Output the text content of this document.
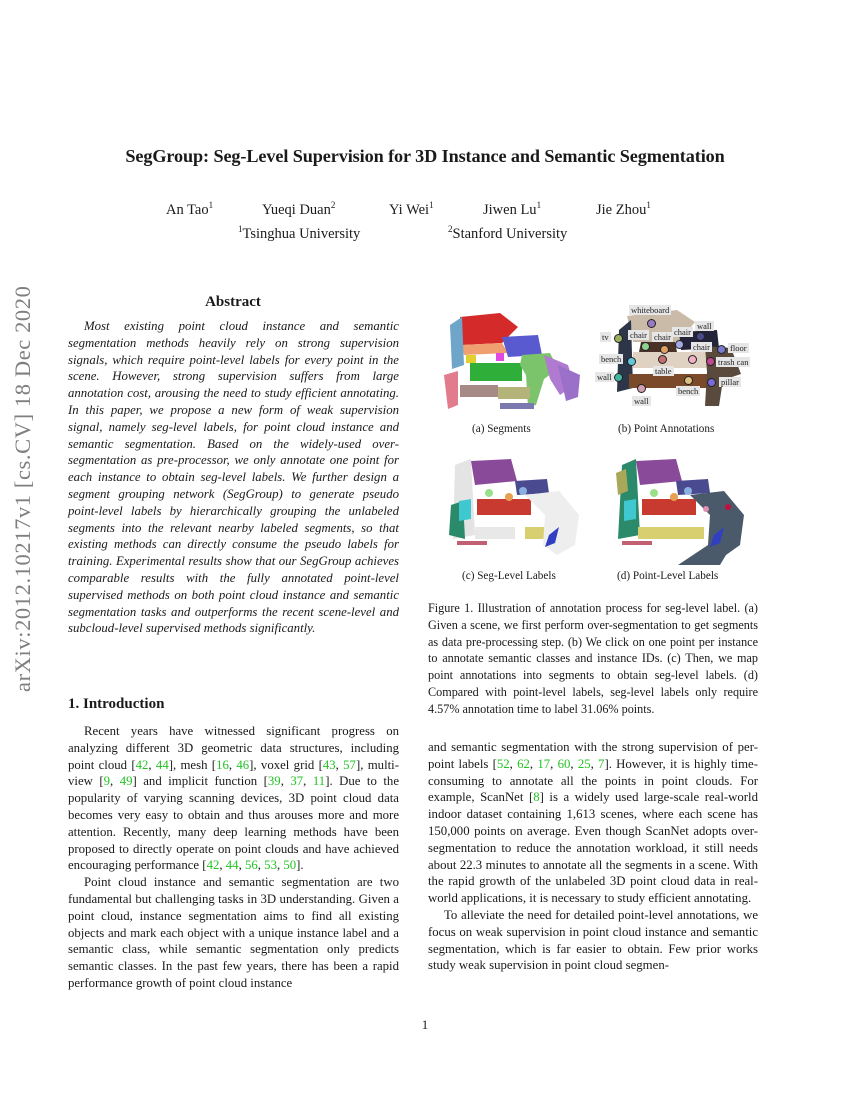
arXiv:2012.10217v1 [cs.CV] 18 Dec 2020
SegGroup: Seg-Level Supervision for 3D Instance and Semantic Segmentation
An Tao$^1$	Yueqi Duan$^2$	Yi Wei$^1$	Jiwen Lu$^1$	Jie Zhou$^1$
$^1$Tsinghua University	$^2$Stanford University
Abstract

Most existing point cloud instance and semantic segmentation methods heavily rely on strong supervision signals, which require point-level labels for every point in the scene. However, strong supervision suffers from large annotation cost, arousing the need to study efficient annotating. In this paper, we propose a new form of weak supervision signal, namely seg-level labels, for point cloud instance and semantic segmentation. Based on the widely-used over-segmentation as pre-processor, we only annotate one point for each instance to obtain seg-level labels. We further design a segment grouping network (SegGroup) to generate pseudo point-level labels by hierarchically grouping the unlabeled segments into the relevant nearby labeled segments, so that existing methods can directly consume the pseudo labels for training. Experimental results show that our SegGroup achieves comparable results with the fully annotated point-level supervised methods on both point cloud instance and semantic segmentation tasks and outperforms the recent scene-level and subcloud-level supervised methods significantly.

(a) Segments
whiteboard
wall
tv	chair chair chair
chair floor
bench	trash can
table
wall	pillar
bench
wall
(b) Point Annotations
(c) Seg-Level Labels	(d) Point-Level Labels

Figure 1. Illustration of annotation process for seg-level label. (a) Given a scene, we first perform over-segmentation to get segments as data pre-processing step. (b) We click on one point per instance to annotate semantic classes and instance IDs. (c) Then, we map point annotations into segments to obtain seg-level labels. (d) Compared with point-level labels, seg-level labels only require 4.57% annotation time to label 31.06% points.

1. Introduction

Recent years have witnessed significant progress on analyzing different 3D geometric data structures, including point cloud [42, 44], mesh [16, 46], voxel grid [43, 57], multi-view [9, 49] and implicit function [39, 37, 11]. Due to the popularity of varying scanning devices, 3D point cloud data becomes very easy to obtain and thus arouses more and more attention. Recently, many deep learning methods have been proposed to directly operate on point clouds and have achieved encouraging performance [42, 44, 56, 53, 50].

Point cloud instance and semantic segmentation are two fundamental but challenging tasks in 3D understanding. Given a point cloud, instance segmentation aims to find all existing objects and mark each object with a unique instance label and a semantic class, while semantic segmentation only predicts semantic classes. In the past few years, there has been a rapid performance growth of point cloud instance

and semantic segmentation with the strong supervision of per-point labels [52, 62, 17, 60, 25, 7]. However, it is highly time-consuming to annotate all the points in point clouds. For example, ScanNet [8] is a widely used large-scale real-world indoor dataset containing 1,613 scenes, where each scene has 150,000 points on average. Even though ScanNet adopts over-segmentation to reduce the annotation workload, it still needs about 22.3 minutes to annotate all the segments in a scene. With the rapid growth of the unlabeled 3D point cloud data in real-world applications, it is necessary to study efficient annotating.

To alleviate the need for detailed point-level annotations, we focus on weak supervision in point cloud instance and semantic segmentation, which is far easier to obtain. Few prior works study weak supervision in point cloud segmen-

1
